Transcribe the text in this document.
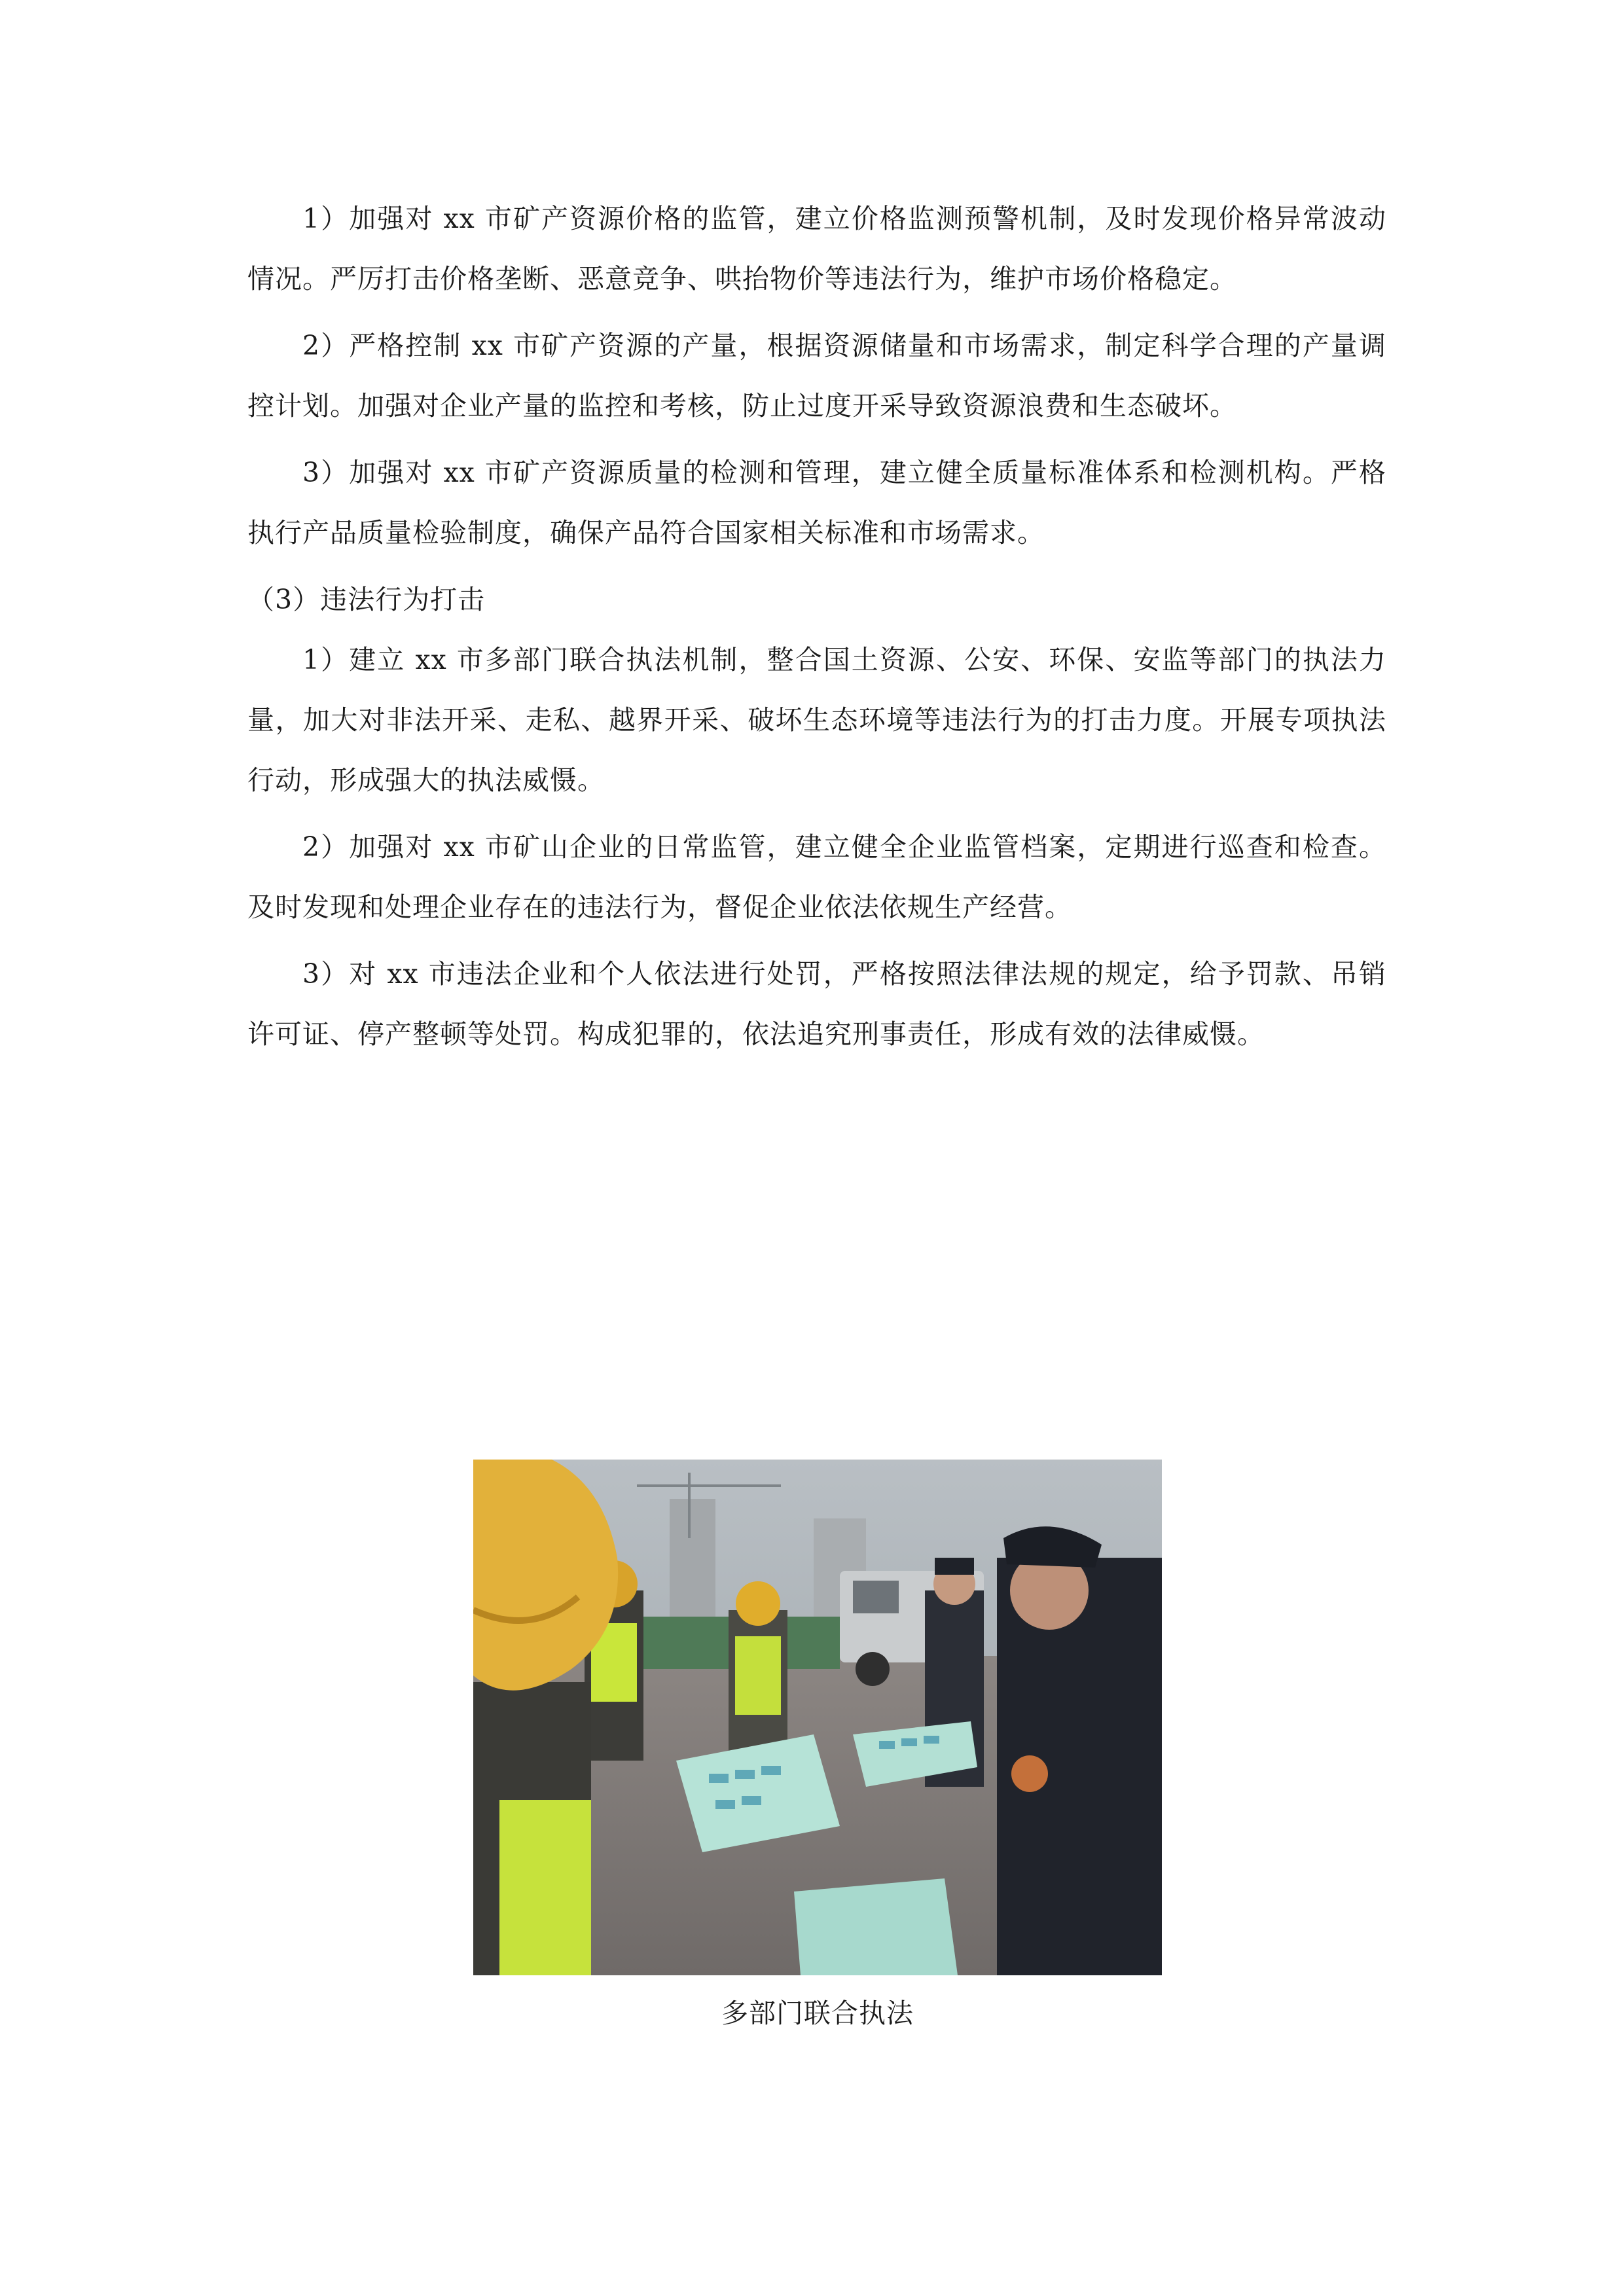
1）加强对 xx 市矿产资源价格的监管，建立价格监测预警机制，及时发现价格异常波动情况。严厉打击价格垄断、恶意竞争、哄抬物价等违法行为，维护市场价格稳定。

2）严格控制 xx 市矿产资源的产量，根据资源储量和市场需求，制定科学合理的产量调控计划。加强对企业产量的监控和考核，防止过度开采导致资源浪费和生态破坏。

3）加强对 xx 市矿产资源质量的检测和管理，建立健全质量标准体系和检测机构。严格执行产品质量检验制度，确保产品符合国家相关标准和市场需求。

（3）违法行为打击

1）建立 xx 市多部门联合执法机制，整合国土资源、公安、环保、安监等部门的执法力量，加大对非法开采、走私、越界开采、破坏生态环境等违法行为的打击力度。开展专项执法行动，形成强大的执法威慑。

2）加强对 xx 市矿山企业的日常监管，建立健全企业监管档案，定期进行巡查和检查。及时发现和处理企业存在的违法行为，督促企业依法依规生产经营。

3）对 xx 市违法企业和个人依法进行处罚，严格按照法律法规的规定，给予罚款、吊销许可证、停产整顿等处罚。构成犯罪的，依法追究刑事责任，形成有效的法律威慑。

多部门联合执法
